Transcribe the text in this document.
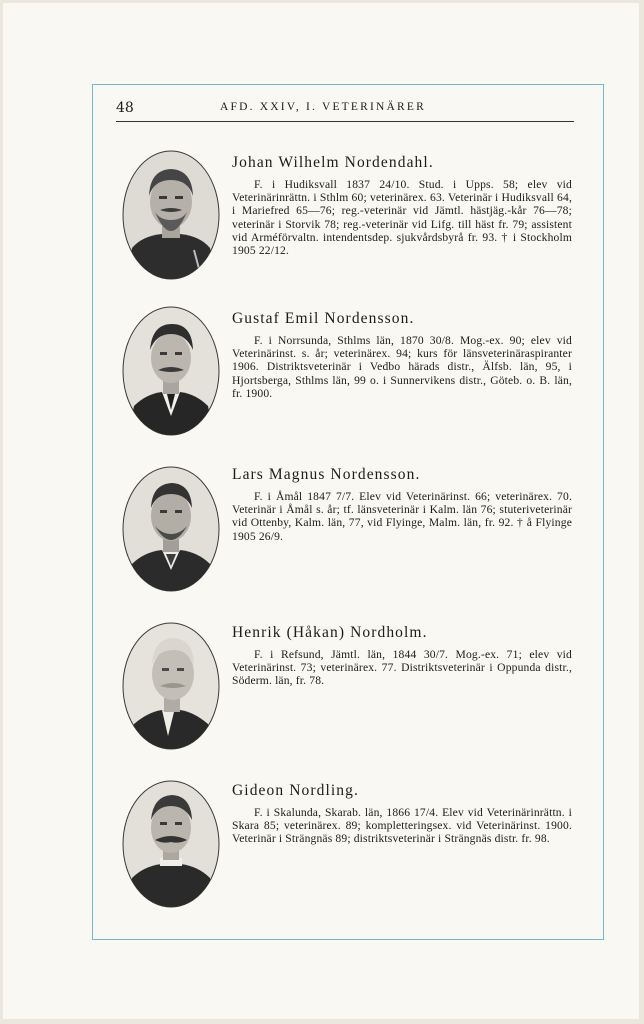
48	AFD. XXIV, I. VETERINÄRER
Johan Wilhelm Nordendahl.

F. i Hudiksvall 1837 24/10. Stud. i Upps. 58; elev vid Veterinärinrättn. i Sthlm 60; veterinärex. 63. Veterinär i Hudiksvall 64, i Mariefred 65—76; reg.-veterinär vid Jämtl. hästjäg.-kår 76—78; veterinär i Storvik 78; reg.-veterinär vid Lifg. till häst fr. 79; assistent vid Arméförvaltn. intendentsdep. sjukvårdsbyrå fr. 93. † i Stockholm 1905 22/12.

Gustaf Emil Nordensson.

F. i Norrsunda, Sthlms län, 1870 30/8. Mog.-ex. 90; elev vid Veterinärinst. s. år; veterinärex. 94; kurs för länsveterinäraspiranter 1906. Distriktsveterinär i Vedbo härads distr., Älfsb. län, 95, i Hjortsberga, Sthlms län, 99 o. i Sunnervikens distr., Göteb. o. B. län, fr. 1900.

Lars Magnus Nordensson.

F. i Åmål 1847 7/7. Elev vid Veterinärinst. 66; veterinärex. 70. Veterinär i Åmål s. år; tf. länsveterinär i Kalm. län 76; stuteriveterinär vid Ottenby, Kalm. län, 77, vid Flyinge, Malm. län, fr. 92. † å Flyinge 1905 26/9.

Henrik (Håkan) Nordholm.

F. i Refsund, Jämtl. län, 1844 30/7. Mog.-ex. 71; elev vid Veterinärinst. 73; veterinärex. 77. Distriktsveterinär i Oppunda distr., Söderm. län, fr. 78.

Gideon Nordling.

F. i Skalunda, Skarab. län, 1866 17/4. Elev vid Veterinärinrättn. i Skara 85; veterinärex. 89; kompletteringsex. vid Veterinärinst. 1900. Veterinär i Strängnäs 89; distriktsveterinär i Strängnäs distr. fr. 98.
